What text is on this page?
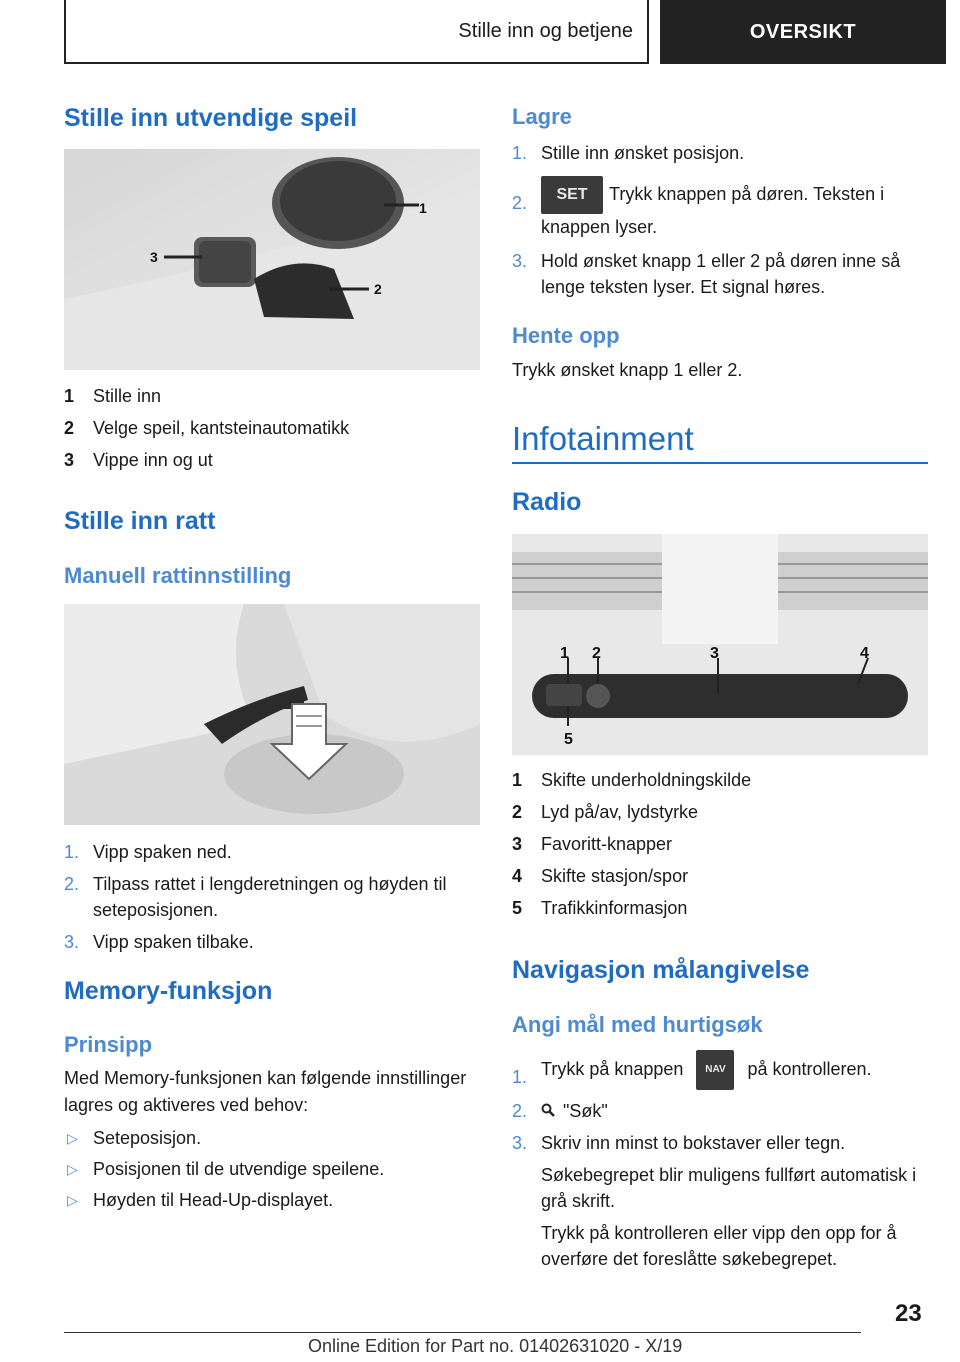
Stille inn og betjene	OVERSIKT
Stille inn utvendige speil
1
2
3
1 Stille inn
2 Velge speil, kantsteinautomatikk
3 Vippe inn og ut
Stille inn ratt
Manuell rattinnstilling
1. Vipp spaken ned.
2. Tilpass rattet i lengderetningen og høyden til seteposisjonen.
3. Vipp spaken tilbake.
Memory-funksjon
Prinsipp
Med Memory-funksjonen kan følgende innstillinger lagres og aktiveres ved behov:
▷ Seteposisjon.
▷ Posisjonen til de utvendige speilene.
▷ Høyden til Head-Up-displayet.
Lagre
1. Stille inn ønsket posisjon.
2. SET Trykk knappen på døren. Teksten i knappen lyser.
3. Hold ønsket knapp 1 eller 2 på døren inne så lenge teksten lyser. Et signal høres.
Hente opp
Trykk ønsket knapp 1 eller 2.
Infotainment
Radio
1 2	3	4
5
1 Skifte underholdningskilde
2 Lyd på/av, lydstyrke
3 Favoritt-knapper
4 Skifte stasjon/spor
5 Trafikkinformasjon
Navigasjon målangivelse
Angi mål med hurtigsøk
1. Trykk på knappen NAV på kontrolleren.
2. "Søk"
3. Skriv inn minst to bokstaver eller tegn.
Søkebegrepet blir muligens fullført automatisk i grå skrift.
Trykk på kontrolleren eller vipp den opp for å overføre det foreslåtte søkebegrepet.
23
Online Edition for Part no. 01402631020 - X/19
